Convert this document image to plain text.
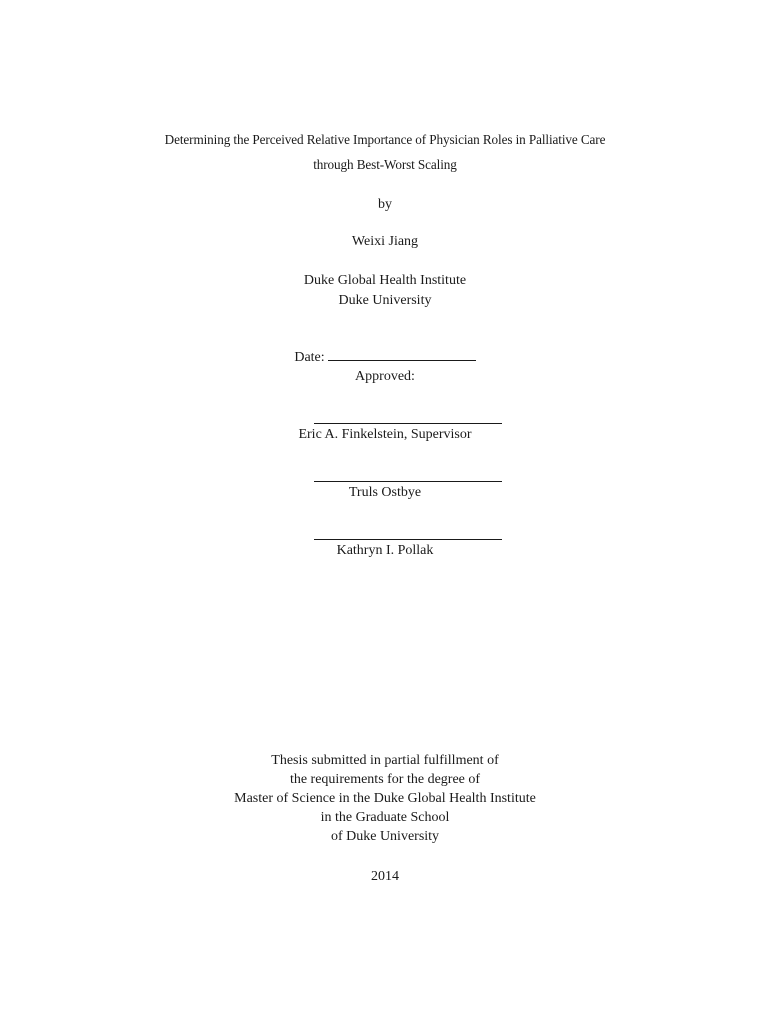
Determining the Perceived Relative Importance of Physician Roles in Palliative Care
through Best-Worst Scaling
by
Weixi Jiang
Duke Global Health Institute
Duke University
Date:
Approved:
Eric A. Finkelstein, Supervisor
Truls Ostbye
Kathryn I. Pollak
Thesis submitted in partial fulfillment of
the requirements for the degree of
Master of Science in the Duke Global Health Institute
in the Graduate School
of Duke University
2014
